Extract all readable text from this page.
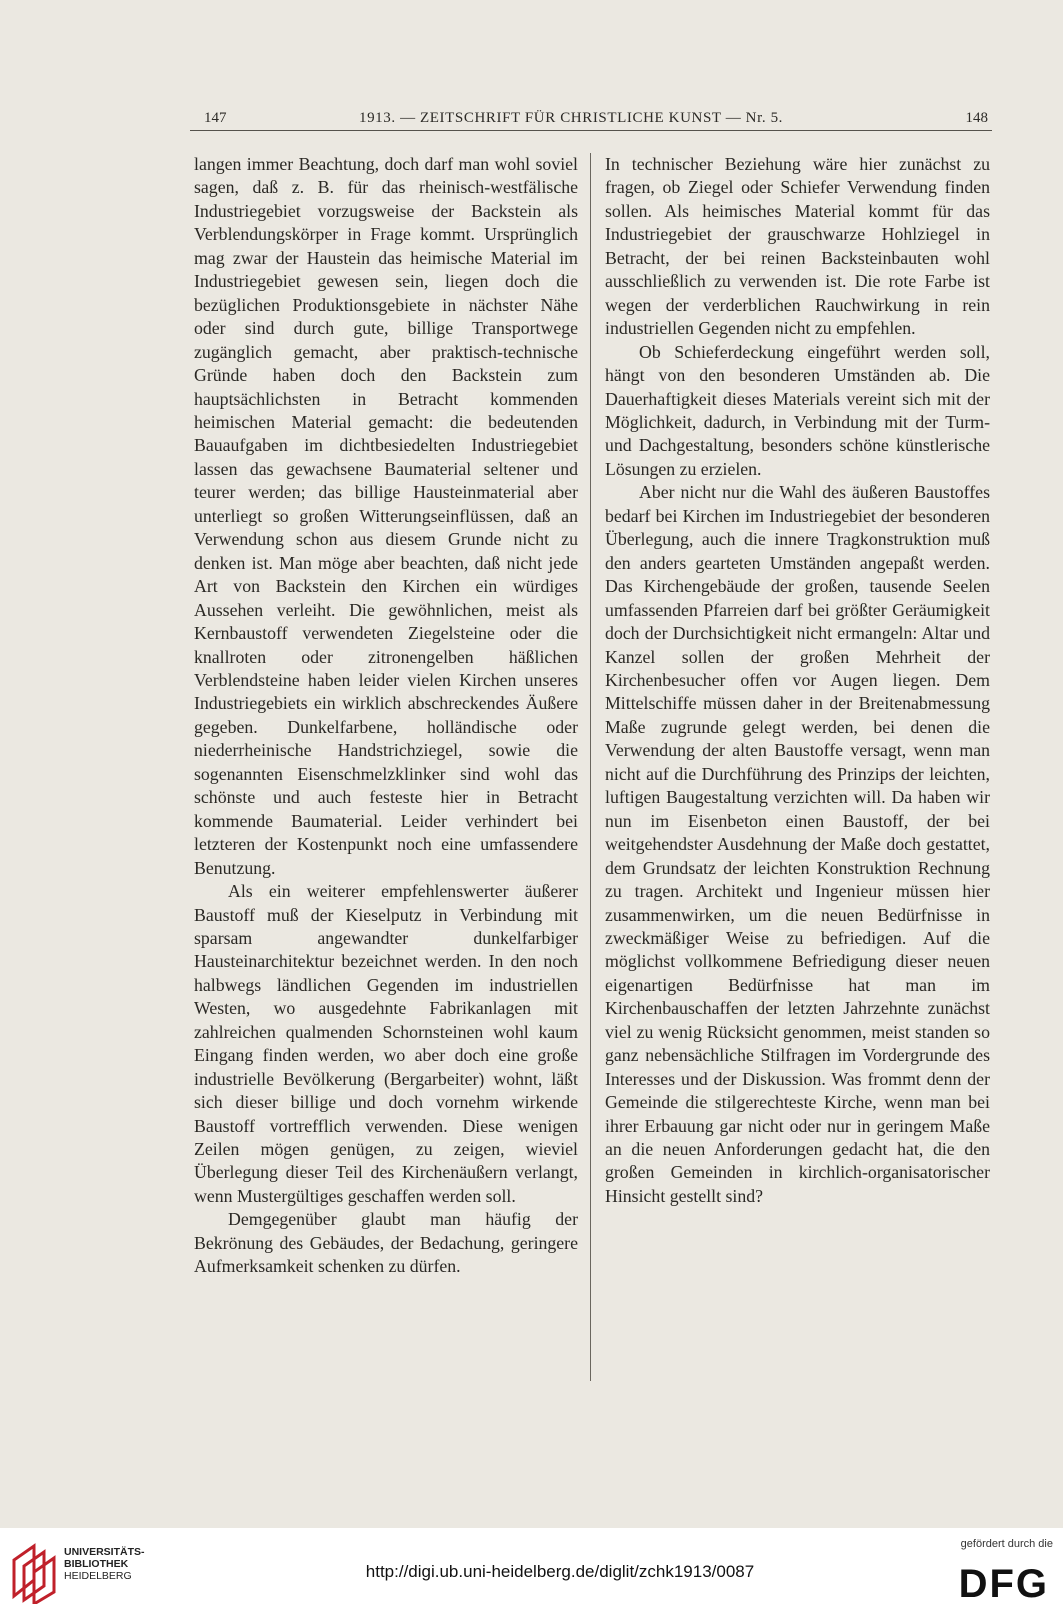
147	1913. — ZEITSCHRIFT FÜR CHRISTLICHE KUNST — Nr. 5.	148

langen immer Beachtung, doch darf man wohl soviel sagen, daß z. B. für das rheinisch-westfälische Industriegebiet vorzugsweise der Backstein als Verblendungskörper in Frage kommt. Ursprünglich mag zwar der Haustein das heimische Material im Industriegebiet gewesen sein, liegen doch die bezüglichen Produktionsgebiete in nächster Nähe oder sind durch gute, billige Transportwege zugänglich gemacht, aber praktisch-technische Gründe haben doch den Backstein zum hauptsächlichsten in Betracht kommenden heimischen Material gemacht: die bedeutenden Bauaufgaben im dichtbesiedelten Industriegebiet lassen das gewachsene Baumaterial seltener und teurer werden; das billige Hausteinmaterial aber unterliegt so großen Witterungseinflüssen, daß an Verwendung schon aus diesem Grunde nicht zu denken ist. Man möge aber beachten, daß nicht jede Art von Backstein den Kirchen ein würdiges Aussehen verleiht. Die gewöhnlichen, meist als Kernbaustoff verwendeten Ziegelsteine oder die knallroten oder zitronengelben häßlichen Verblendsteine haben leider vielen Kirchen unseres Industriegebiets ein wirklich abschreckendes Äußere gegeben. Dunkelfarbene, holländische oder niederrheinische Handstrichziegel, sowie die sogenannten Eisenschmelzklinker sind wohl das schönste und auch festeste hier in Betracht kommende Baumaterial. Leider verhindert bei letzteren der Kostenpunkt noch eine umfassendere Benutzung.

Als ein weiterer empfehlenswerter äußerer Baustoff muß der Kieselputz in Verbindung mit sparsam angewandter dunkelfarbiger Hausteinarchitektur bezeichnet werden. In den noch halbwegs ländlichen Gegenden im industriellen Westen, wo ausgedehnte Fabrikanlagen mit zahlreichen qualmenden Schornsteinen wohl kaum Eingang finden werden, wo aber doch eine große industrielle Bevölkerung (Bergarbeiter) wohnt, läßt sich dieser billige und doch vornehm wirkende Baustoff vortrefflich verwenden. Diese wenigen Zeilen mögen genügen, zu zeigen, wieviel Überlegung dieser Teil des Kirchenäußern verlangt, wenn Mustergültiges geschaffen werden soll.

Demgegenüber glaubt man häufig der Bekrönung des Gebäudes, der Bedachung, geringere Aufmerksamkeit schenken zu dürfen.

In technischer Beziehung wäre hier zunächst zu fragen, ob Ziegel oder Schiefer Verwendung finden sollen. Als heimisches Material kommt für das Industriegebiet der grauschwarze Hohlziegel in Betracht, der bei reinen Backsteinbauten wohl ausschließlich zu verwenden ist. Die rote Farbe ist wegen der verderblichen Rauchwirkung in rein industriellen Gegenden nicht zu empfehlen.

Ob Schieferdeckung eingeführt werden soll, hängt von den besonderen Umständen ab. Die Dauerhaftigkeit dieses Materials vereint sich mit der Möglichkeit, dadurch, in Verbindung mit der Turm- und Dachgestaltung, besonders schöne künstlerische Lösungen zu erzielen.

Aber nicht nur die Wahl des äußeren Baustoffes bedarf bei Kirchen im Industriegebiet der besonderen Überlegung, auch die innere Tragkonstruktion muß den anders gearteten Umständen angepaßt werden. Das Kirchengebäude der großen, tausende Seelen umfassenden Pfarreien darf bei größter Geräumigkeit doch der Durchsichtigkeit nicht ermangeln: Altar und Kanzel sollen der großen Mehrheit der Kirchenbesucher offen vor Augen liegen. Dem Mittelschiffe müssen daher in der Breitenabmessung Maße zugrunde gelegt werden, bei denen die Verwendung der alten Baustoffe versagt, wenn man nicht auf die Durchführung des Prinzips der leichten, luftigen Baugestaltung verzichten will. Da haben wir nun im Eisenbeton einen Baustoff, der bei weitgehendster Ausdehnung der Maße doch gestattet, dem Grundsatz der leichten Konstruktion Rechnung zu tragen. Architekt und Ingenieur müssen hier zusammenwirken, um die neuen Bedürfnisse in zweckmäßiger Weise zu befriedigen. Auf die möglichst vollkommene Befriedigung dieser neuen eigenartigen Bedürfnisse hat man im Kirchenbauschaffen der letzten Jahrzehnte zunächst viel zu wenig Rücksicht genommen, meist standen so ganz nebensächliche Stilfragen im Vordergrunde des Interesses und der Diskussion. Was frommt denn der Gemeinde die stilgerechteste Kirche, wenn man bei ihrer Erbauung gar nicht oder nur in geringem Maße an die neuen Anforderungen gedacht hat, die den großen Gemeinden in kirchlich-organisatorischer Hinsicht gestellt sind?

UNIVERSITÄTS-
BIBLIOTHEK
HEIDELBERG	http://digi.ub.uni-heidelberg.de/diglit/zchk1913/0087
gefördert durch die
DFG
